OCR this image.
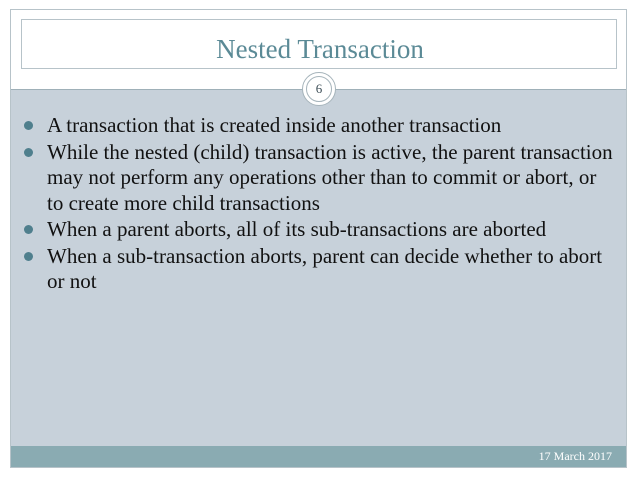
Nested Transaction
6
A transaction that is created inside another transaction
While the nested (child) transaction is active, the parent transaction may not perform any operations other than to commit or abort, or to create more child transactions
When a parent aborts, all of its sub-transactions are aborted
When a sub-transaction aborts, parent can decide whether to abort or not
17 March 2017
